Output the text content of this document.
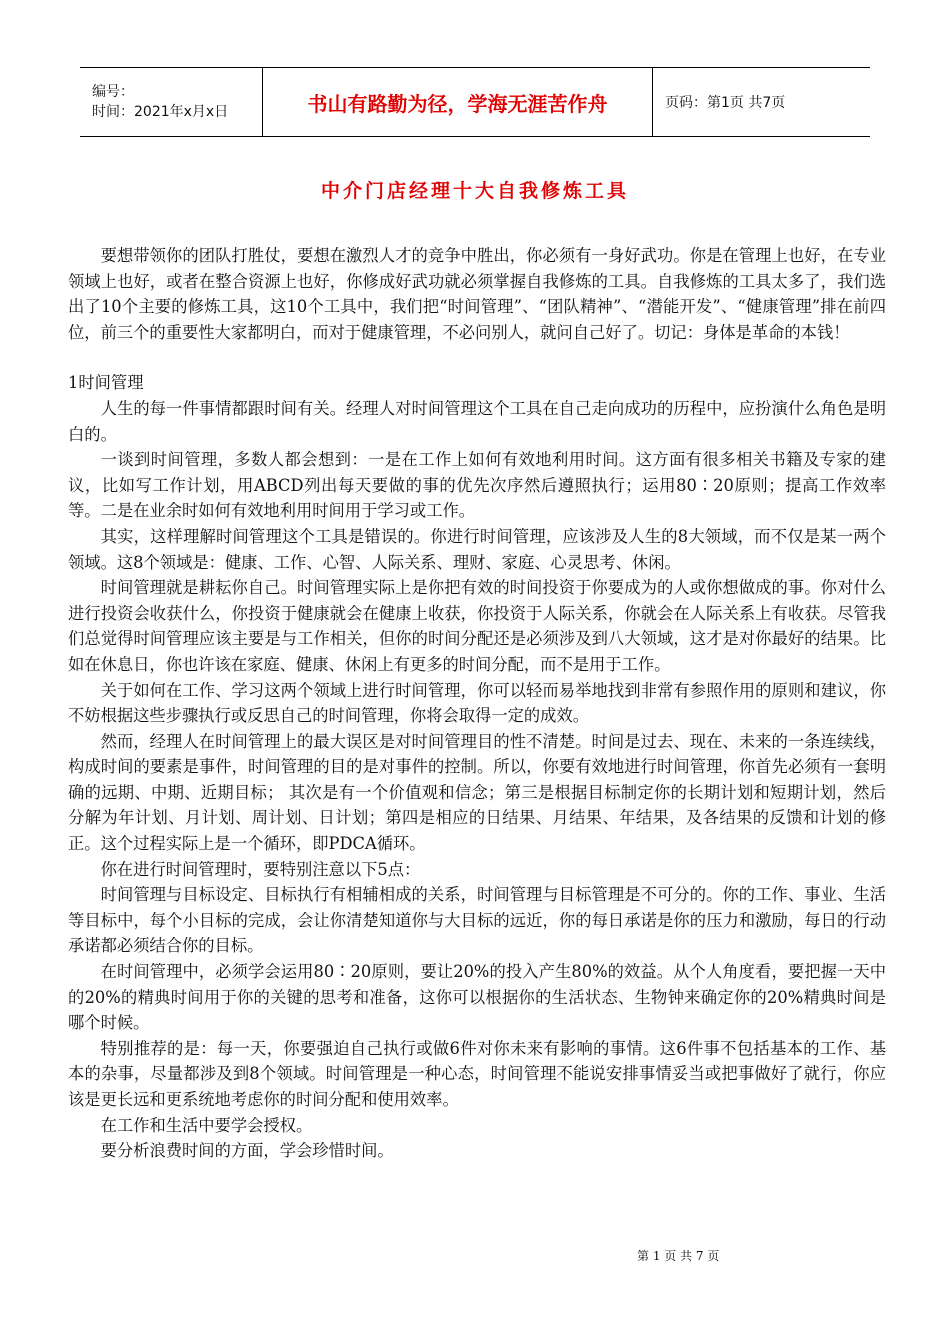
编号：
时间：2021年x月x日	书山有路勤为径，学海无涯苦作舟	页码：第1页 共7页
中介门店经理十大自我修炼工具

要想带领你的团队打胜仗，要想在激烈人才的竞争中胜出，你必须有一身好武功。你是在管理上也好，在专业领域上也好，或者在整合资源上也好，你修成好武功就必须掌握自我修炼的工具。自我修炼的工具太多了，我们选出了10个主要的修炼工具，这10个工具中，我们把“时间管理”、“团队精神”、“潜能开发”、“健康管理”排在前四位，前三个的重要性大家都明白，而对于健康管理，不必问别人，就问自己好了。切记：身体是革命的本钱！

1时间管理

人生的每一件事情都跟时间有关。经理人对时间管理这个工具在自己走向成功的历程中，应扮演什么角色是明白的。

一谈到时间管理，多数人都会想到：一是在工作上如何有效地利用时间。这方面有很多相关书籍及专家的建议，比如写工作计划，用ABCD列出每天要做的事的优先次序然后遵照执行；运用80∶20原则；提高工作效率等。二是在业余时如何有效地利用时间用于学习或工作。

其实，这样理解时间管理这个工具是错误的。你进行时间管理，应该涉及人生的8大领域，而不仅是某一两个领域。这8个领域是：健康、工作、心智、人际关系、理财、家庭、心灵思考、休闲。

时间管理就是耕耘你自己。时间管理实际上是你把有效的时间投资于你要成为的人或你想做成的事。你对什么进行投资会收获什么，你投资于健康就会在健康上收获，你投资于人际关系，你就会在人际关系上有收获。尽管我们总觉得时间管理应该主要是与工作相关，但你的时间分配还是必须涉及到八大领域，这才是对你最好的结果。比如在休息日，你也许该在家庭、健康、休闲上有更多的时间分配，而不是用于工作。

关于如何在工作、学习这两个领域上进行时间管理，你可以轻而易举地找到非常有参照作用的原则和建议，你不妨根据这些步骤执行或反思自己的时间管理，你将会取得一定的成效。

然而，经理人在时间管理上的最大误区是对时间管理目的性不清楚。时间是过去、现在、未来的一条连续线，构成时间的要素是事件，时间管理的目的是对事件的控制。所以，你要有效地进行时间管理，你首先必须有一套明确的远期、中期、近期目标； 其次是有一个价值观和信念；第三是根据目标制定你的长期计划和短期计划，然后分解为年计划、月计划、周计划、日计划；第四是相应的日结果、月结果、年结果，及各结果的反馈和计划的修正。这个过程实际上是一个循环，即PDCA循环。

你在进行时间管理时，要特别注意以下5点：

时间管理与目标设定、目标执行有相辅相成的关系，时间管理与目标管理是不可分的。你的工作、事业、生活等目标中，每个小目标的完成，会让你清楚知道你与大目标的远近，你的每日承诺是你的压力和激励，每日的行动承诺都必须结合你的目标。

在时间管理中，必须学会运用80∶20原则，要让20%的投入产生80%的效益。从个人角度看，要把握一天中的20%的精典时间用于你的关键的思考和准备，这你可以根据你的生活状态、生物钟来确定你的20%精典时间是哪个时候。

特别推荐的是：每一天，你要强迫自己执行或做6件对你未来有影响的事情。这6件事不包括基本的工作、基本的杂事，尽量都涉及到8个领域。时间管理是一种心态，时间管理不能说安排事情妥当或把事做好了就行，你应该是更长远和更系统地考虑你的时间分配和使用效率。

在工作和生活中要学会授权。

要分析浪费时间的方面，学会珍惜时间。

第 1 页 共 7 页
